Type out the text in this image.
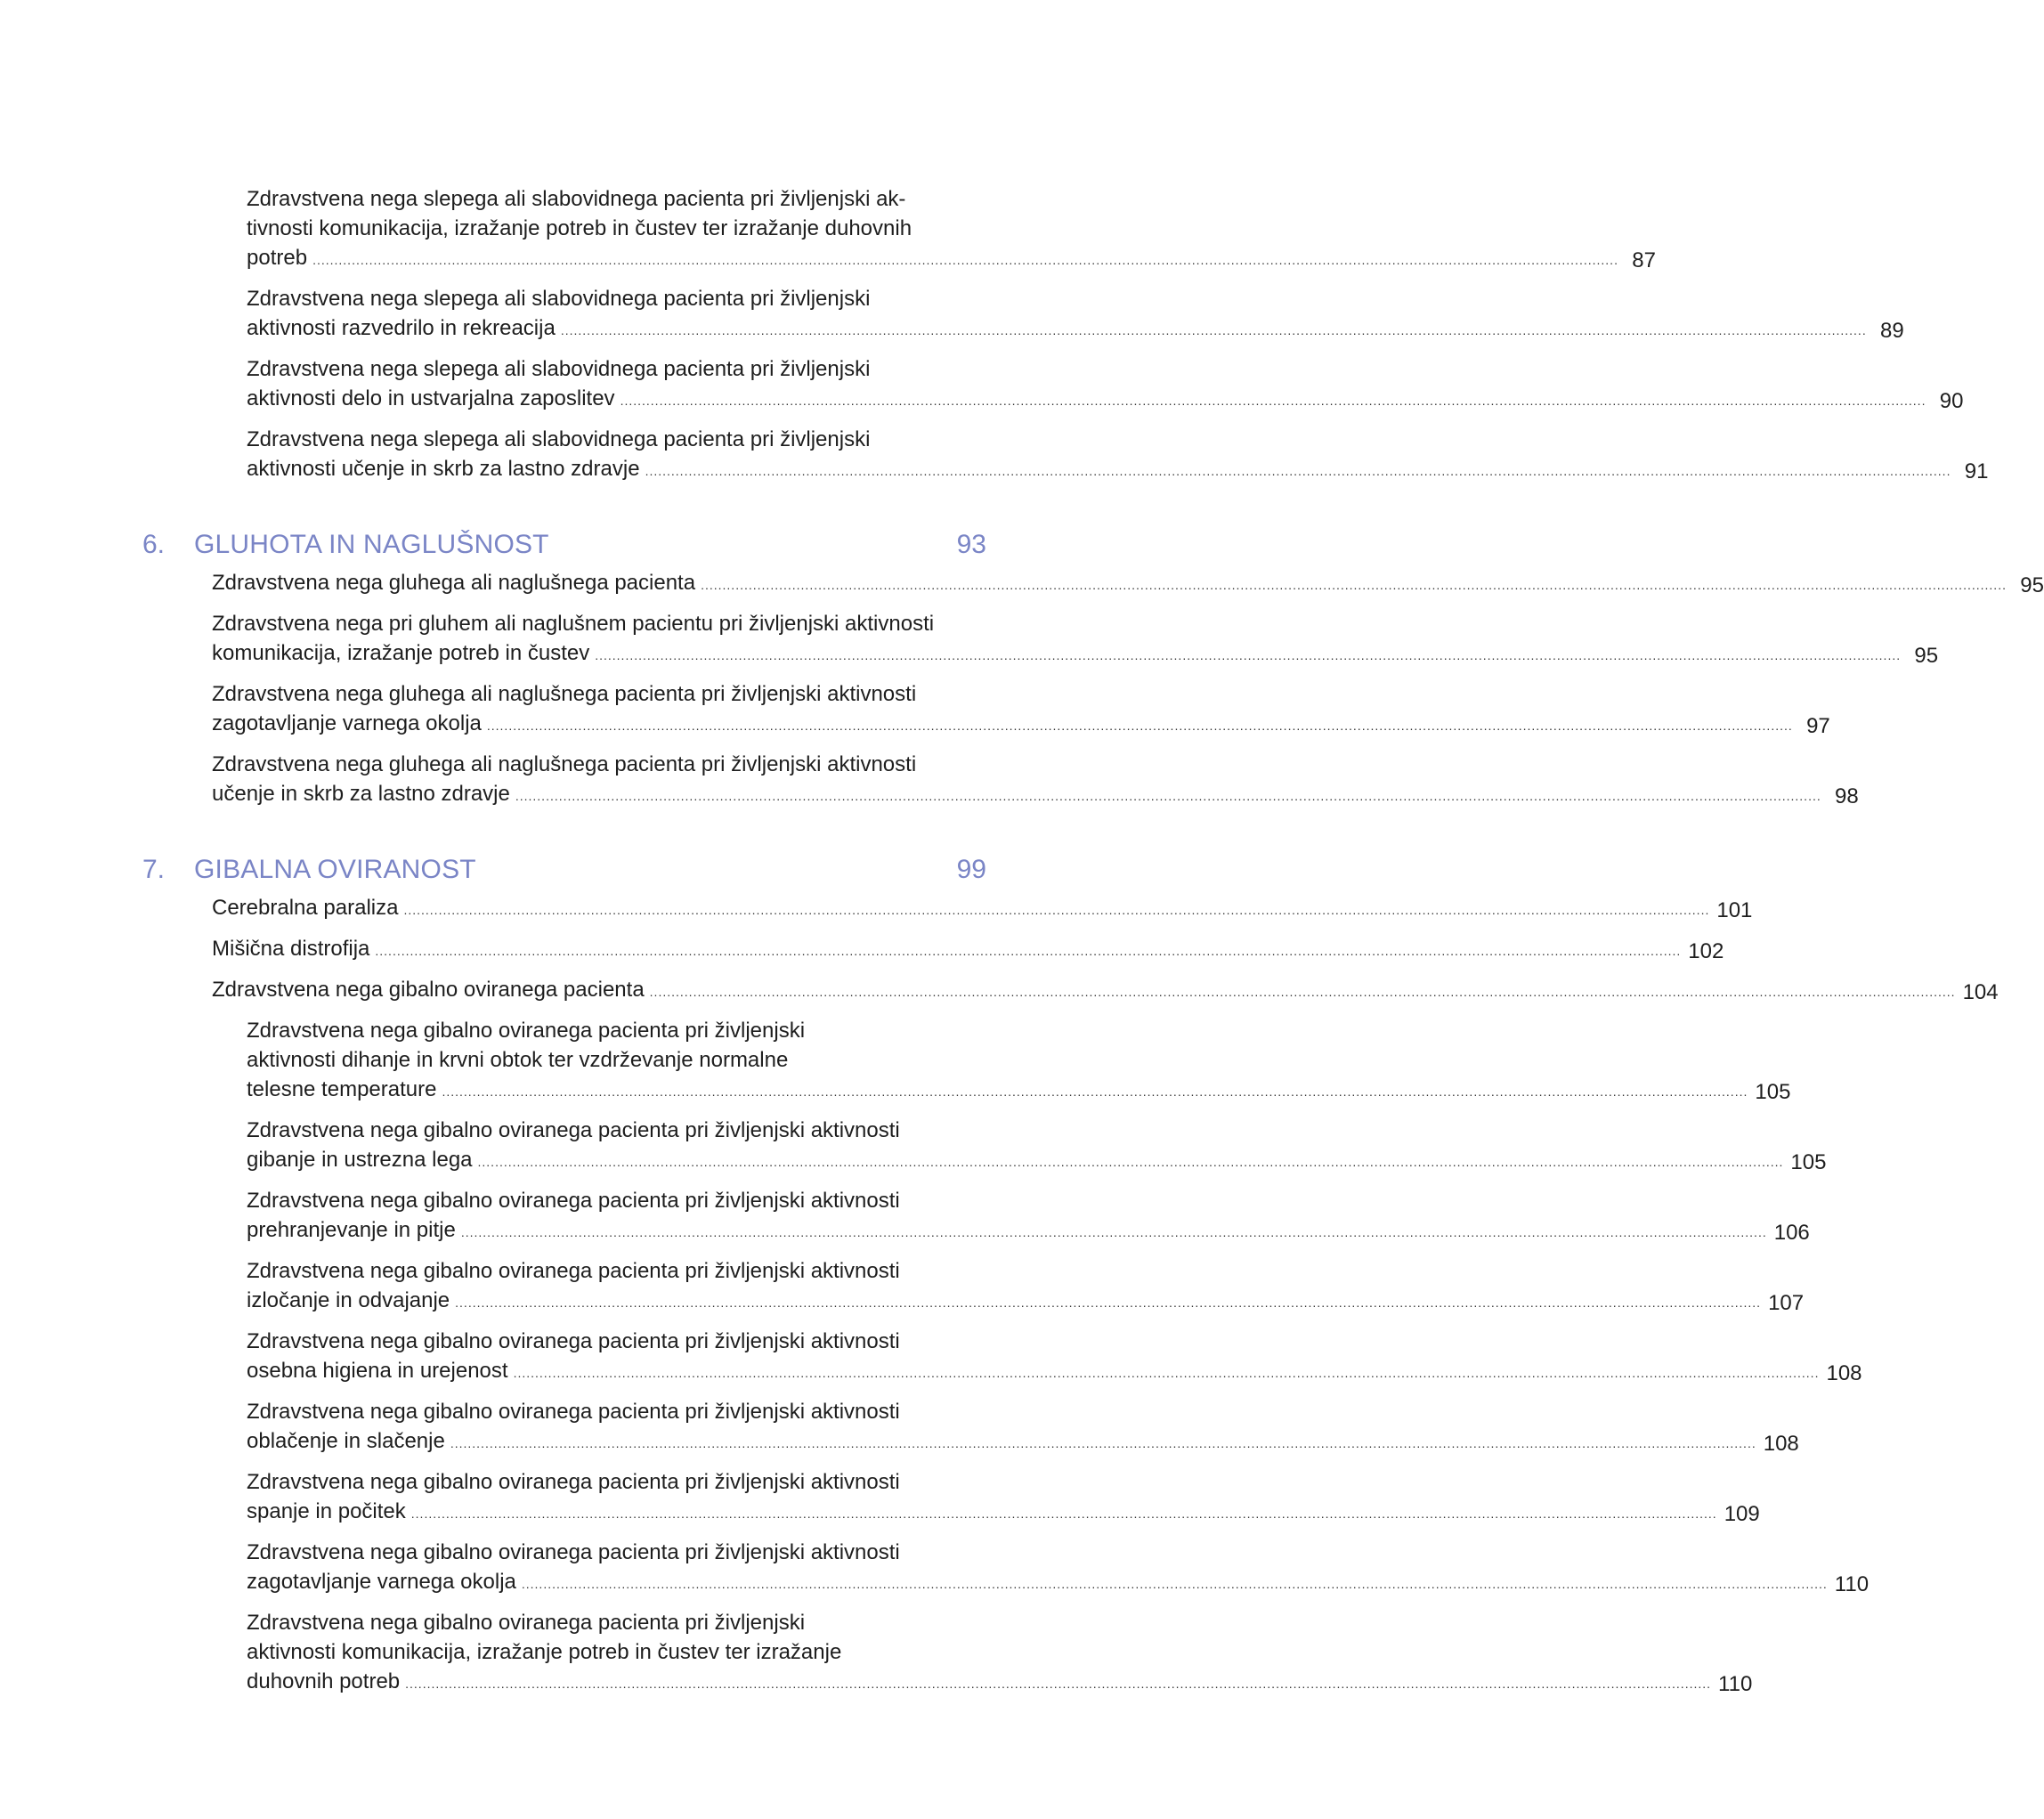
Zdravstvena nega slepega ali slabovidnega pacienta pri življenjski ak-
tivnosti komunikacija, izražanje potreb in čustev ter izražanje duhovnih
potreb ............................................................................................................................................................................................................................................................................................................ 87
Zdravstvena nega slepega ali slabovidnega pacienta pri življenjski
aktivnosti razvedrilo in rekreacija ............................................................................................................................................................................................................................................................................................................ 89
Zdravstvena nega slepega ali slabovidnega pacienta pri življenjski
aktivnosti delo in ustvarjalna zaposlitev ............................................................................................................................................................................................................................................................................................................ 90
Zdravstvena nega slepega ali slabovidnega pacienta pri življenjski
aktivnosti učenje in skrb za lastno zdravje ............................................................................................................................................................................................................................................................................................................ 91
6.	GLUHOTA IN NAGLUŠNOST	93
Zdravstvena nega gluhega ali naglušnega pacienta ............................................................................................................................................................................................................................................................................................................ 95
Zdravstvena nega pri gluhem ali naglušnem pacientu pri življenjski aktivnosti
komunikacija, izražanje potreb in čustev ............................................................................................................................................................................................................................................................................................................ 95
Zdravstvena nega gluhega ali naglušnega pacienta pri življenjski aktivnosti
zagotavljanje varnega okolja ............................................................................................................................................................................................................................................................................................................ 97
Zdravstvena nega gluhega ali naglušnega pacienta pri življenjski aktivnosti
učenje in skrb za lastno zdravje ............................................................................................................................................................................................................................................................................................................ 98
7.	GIBALNA OVIRANOST	99
Cerebralna paraliza ............................................................................................................................................................................................................................................................................................................ 101
Mišična distrofija ............................................................................................................................................................................................................................................................................................................ 102
Zdravstvena nega gibalno oviranega pacienta ............................................................................................................................................................................................................................................................................................................ 104
Zdravstvena nega gibalno oviranega pacienta pri življenjski
aktivnosti dihanje in krvni obtok ter vzdrževanje normalne
telesne temperature ............................................................................................................................................................................................................................................................................................................ 105
Zdravstvena nega gibalno oviranega pacienta pri življenjski aktivnosti
gibanje in ustrezna lega ............................................................................................................................................................................................................................................................................................................ 105
Zdravstvena nega gibalno oviranega pacienta pri življenjski aktivnosti
prehranjevanje in pitje ............................................................................................................................................................................................................................................................................................................ 106
Zdravstvena nega gibalno oviranega pacienta pri življenjski aktivnosti
izločanje in odvajanje ............................................................................................................................................................................................................................................................................................................ 107
Zdravstvena nega gibalno oviranega pacienta pri življenjski aktivnosti
osebna higiena in urejenost ............................................................................................................................................................................................................................................................................................................ 108
Zdravstvena nega gibalno oviranega pacienta pri življenjski aktivnosti
oblačenje in slačenje ............................................................................................................................................................................................................................................................................................................ 108
Zdravstvena nega gibalno oviranega pacienta pri življenjski aktivnosti
spanje in počitek ............................................................................................................................................................................................................................................................................................................ 109
Zdravstvena nega gibalno oviranega pacienta pri življenjski aktivnosti
zagotavljanje varnega okolja ............................................................................................................................................................................................................................................................................................................ 110
Zdravstvena nega gibalno oviranega pacienta pri življenjski
aktivnosti komunikacija, izražanje potreb in čustev ter izražanje
duhovnih potreb ............................................................................................................................................................................................................................................................................................................ 110
